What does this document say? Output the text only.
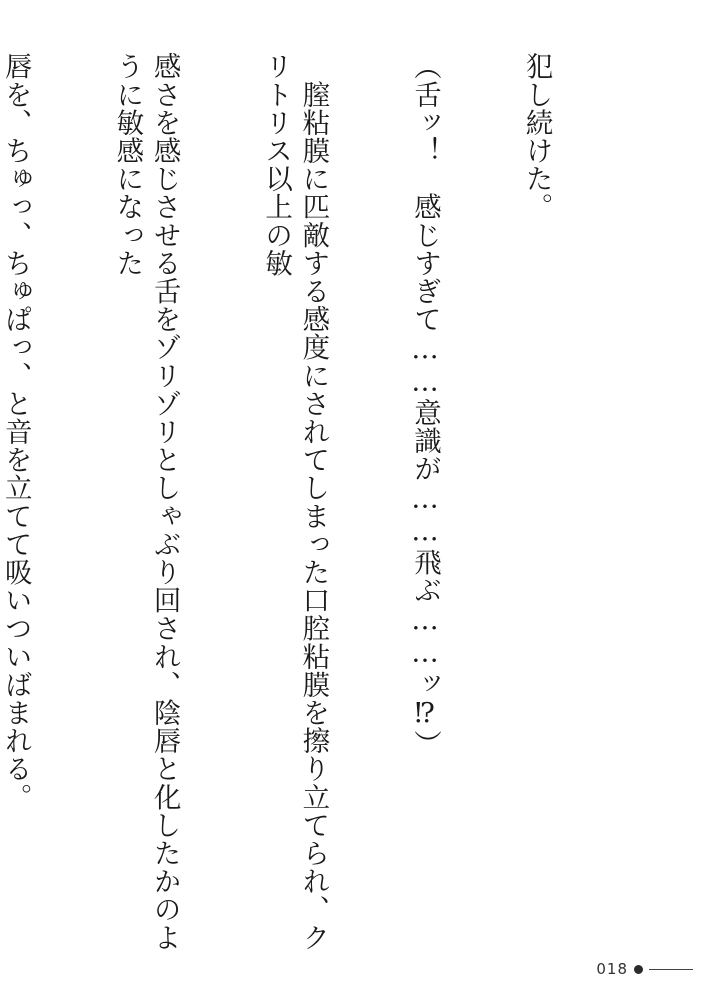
犯し続けた。

（舌ッ！　感じすぎて……意識が……飛ぶ……ッ⁉）

　膣粘膜に匹敵する感度にされてしまった口腔粘膜を擦り立てられ、クリトリス以上の敏

感さを感じさせる舌をゾリゾリとしゃぶり回され、陰唇と化したかのように敏感になった

唇を、ちゅっ、ちゅぱっ、と音を立てて吸いついばまれる。

018
